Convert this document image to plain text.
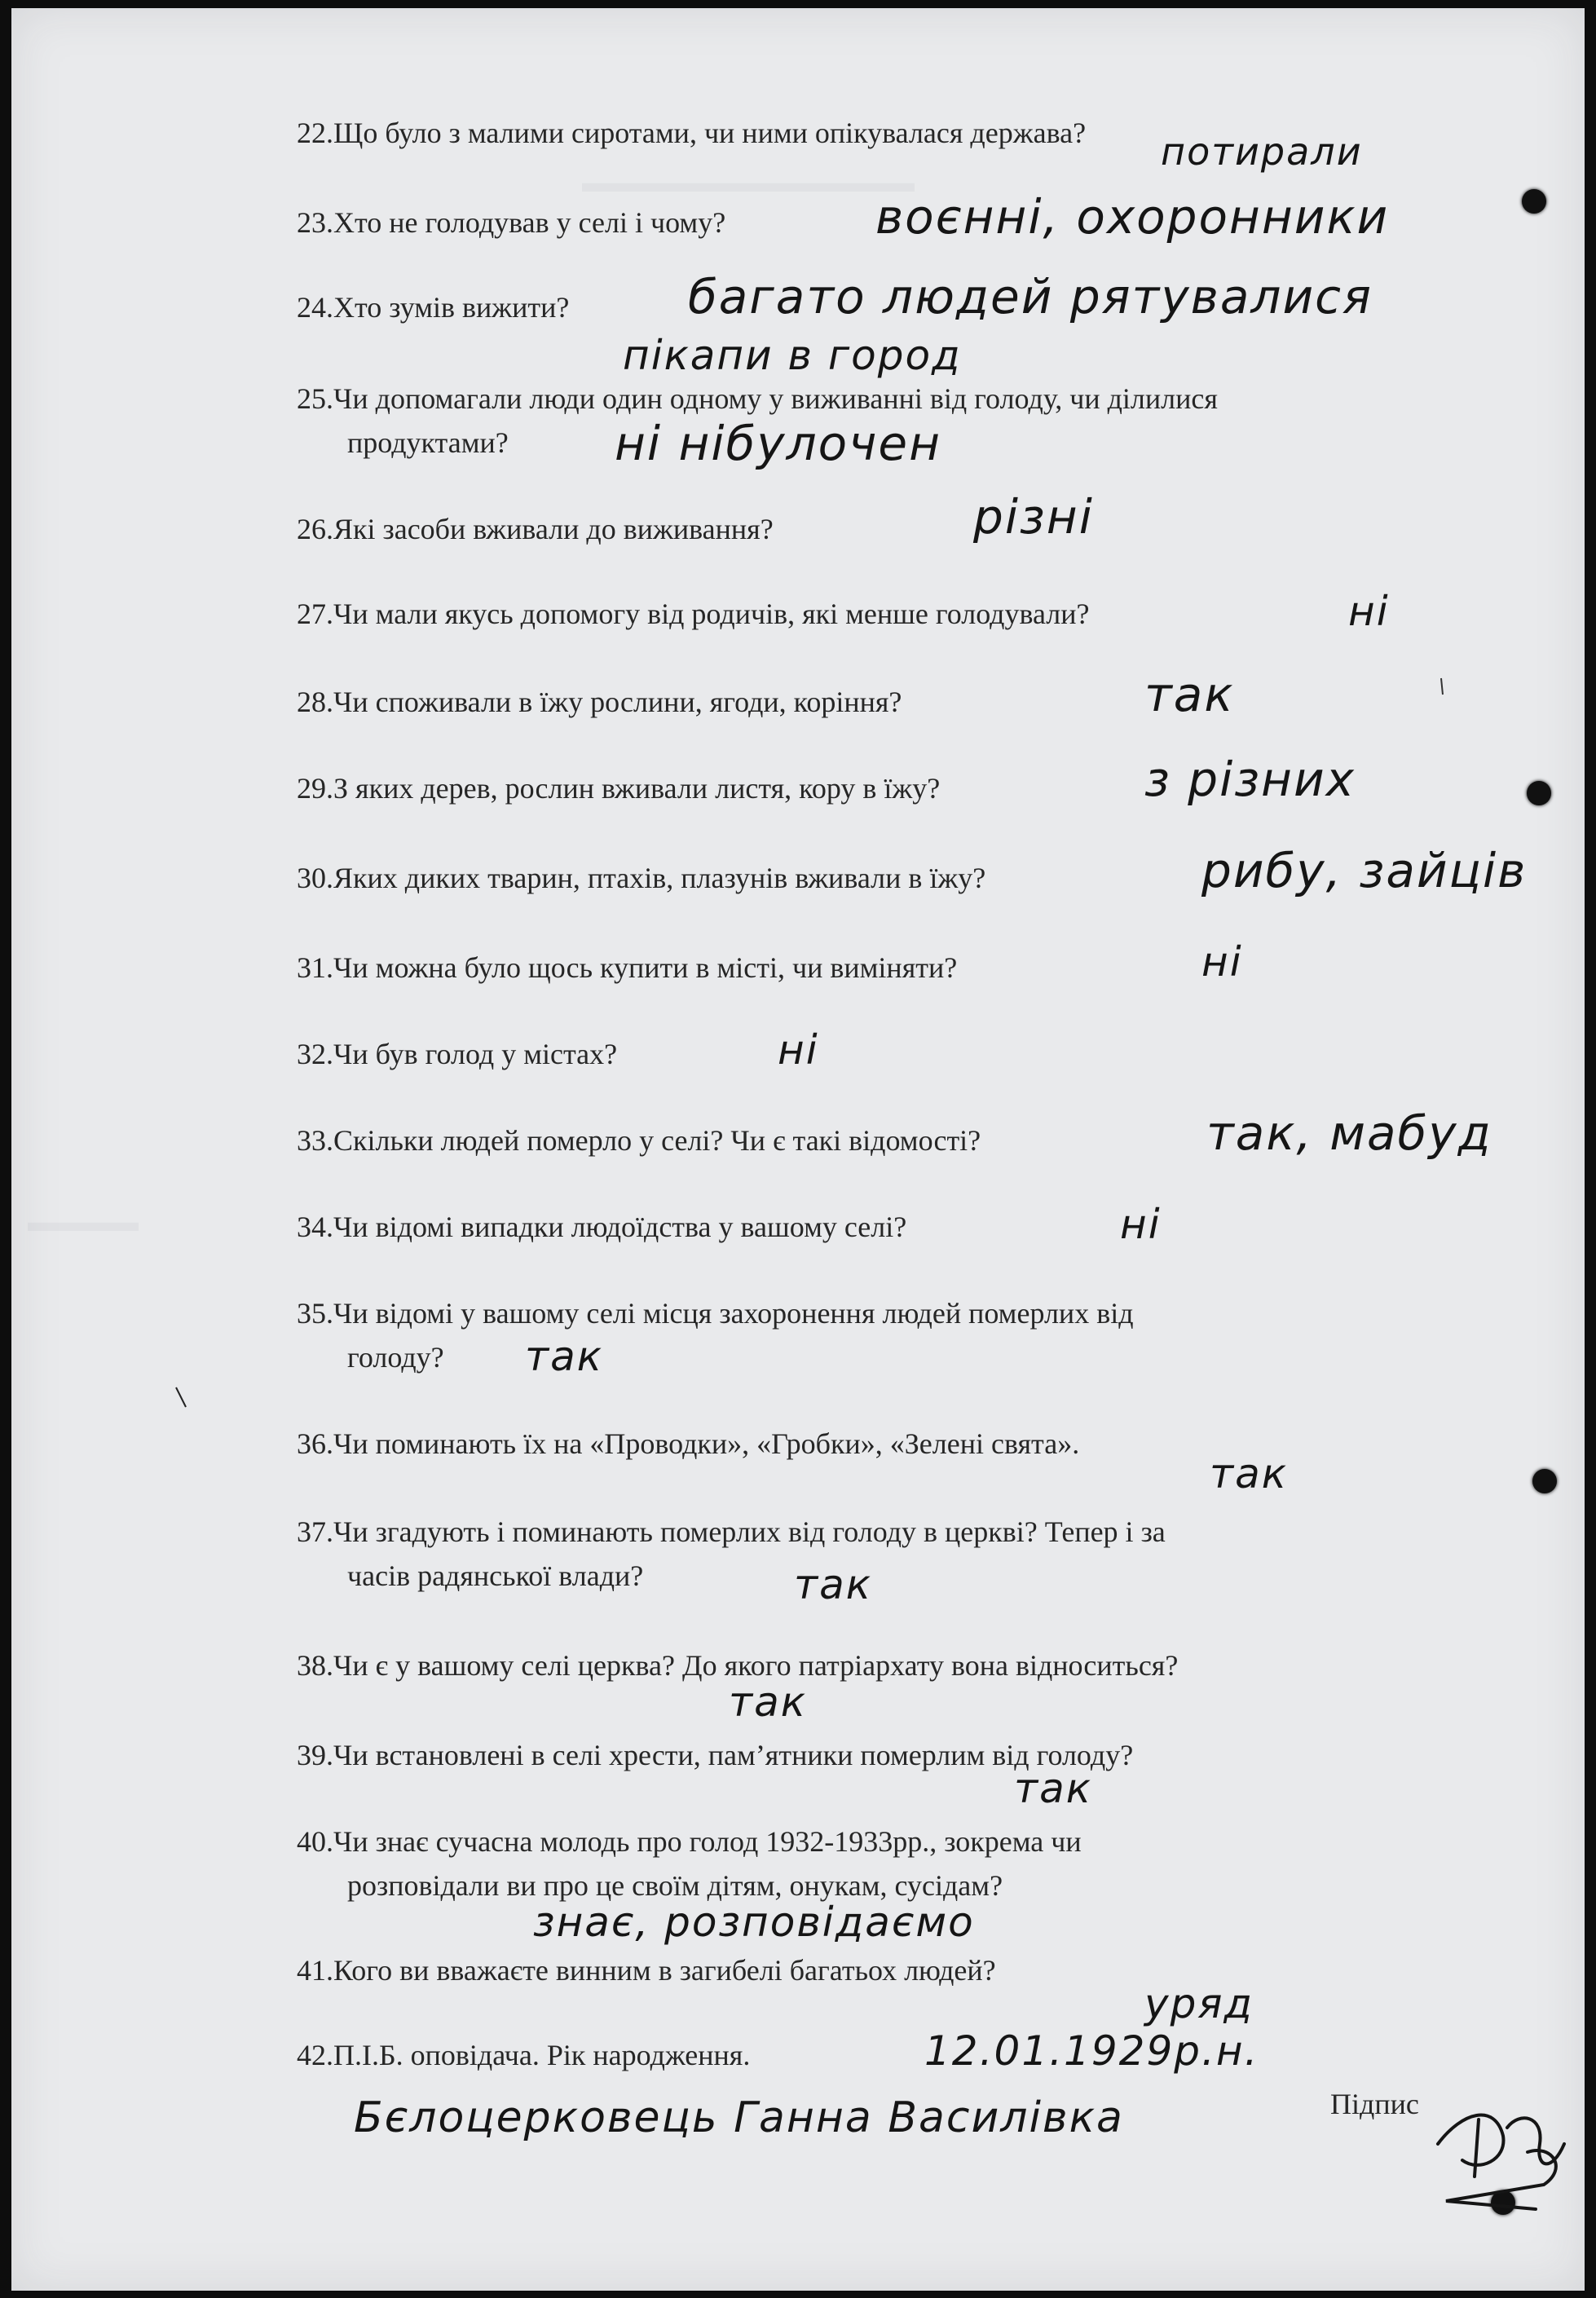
▬▬▬▬▬▬▬▬▬▬▬▬
▬▬▬▬

22.Що було з малими сиротами, чи ними опікувалася держава?

23.Хто не голодував у селі і чому?

24.Хто зумів вижити?

25.Чи допомагали люди один одному у виживанні від голоду, чи ділилися
продуктами?

26.Які засоби вживали до виживання?

27.Чи мали якусь допомогу від родичів, які менше голодували?

28.Чи споживали в їжу рослини, ягоди, коріння?

29.З яких дерев, рослин вживали листя, кору в їжу?

30.Яких диких тварин, птахів, плазунів вживали в їжу?

31.Чи можна було щось купити в місті, чи виміняти?

32.Чи був голод у містах?

33.Скільки людей померло у селі? Чи є такі відомості?

34.Чи відомі випадки людоїдства у вашому селі?

35.Чи відомі у вашому селі місця захоронення людей померлих від
голоду?

36.Чи поминають їх на «Проводки», «Гробки», «Зелені свята».

37.Чи згадують і поминають померлих від голоду в церкві? Тепер і за
часів радянської влади?

38.Чи є у вашому селі церква? До якого патріархату вона відноситься?

39.Чи встановлені в селі хрести, пам’ятники померлим від голоду?

40.Чи знає сучасна молодь про голод 1932-1933рр., зокрема чи
розповідали ви про це своїм дітям, онукам, сусідам?

41.Кого ви вважаєте винним в загибелі багатьох людей?

42.П.І.Б. оповідача. Рік народження.

потирали

воєнні, охоронники

багато людей рятувалися

пікапи в город

ні нібулочен

різні

ні

так

з різних

рибу, зайців

ні

ні

так, мабуд

ні

так

так

так

так

так

знає, розповідаємо

уряд

12.01.1929р.н.

Бєлоцерковець Ганна Василівка	Підпис
